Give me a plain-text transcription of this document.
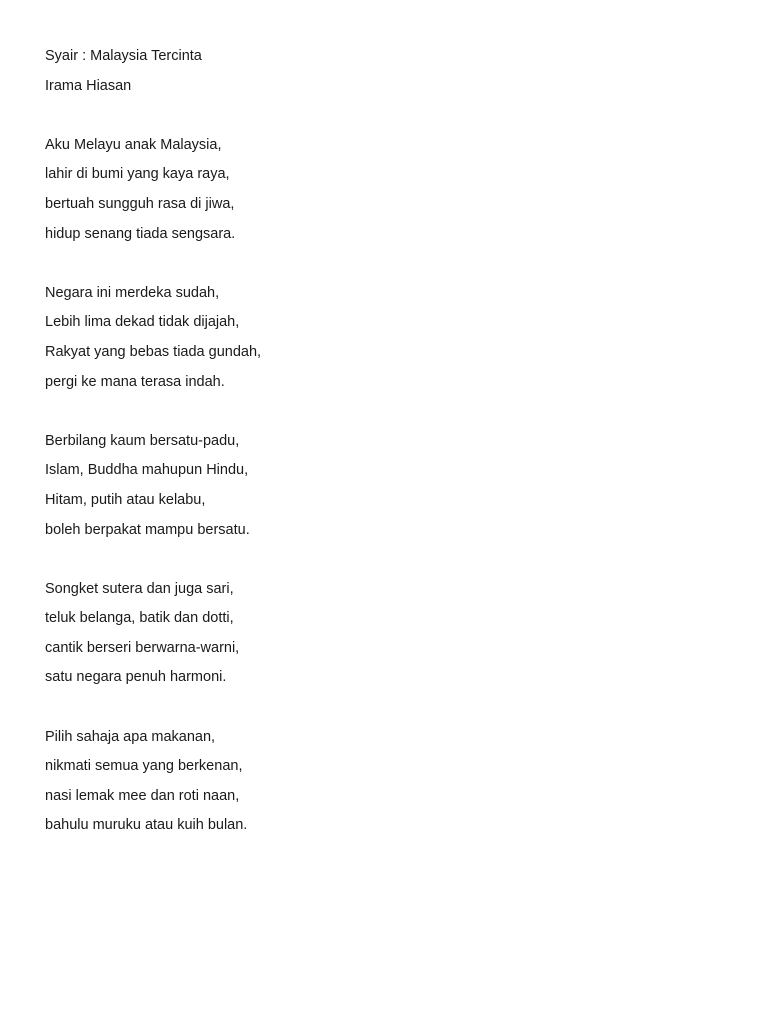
Syair : Malaysia Tercinta

Irama Hiasan

Aku Melayu anak Malaysia,

lahir di bumi yang kaya raya,

bertuah sungguh rasa di jiwa,

hidup senang tiada sengsara.

Negara ini merdeka sudah,

Lebih lima dekad tidak dijajah,

Rakyat yang bebas tiada gundah,

pergi ke mana terasa indah.

Berbilang kaum bersatu-padu,

Islam, Buddha mahupun Hindu,

Hitam, putih atau kelabu,

boleh berpakat mampu bersatu.

Songket sutera dan juga sari,

teluk belanga, batik dan dotti,

cantik berseri berwarna-warni,

satu negara penuh harmoni.

Pilih sahaja apa makanan,

nikmati semua yang berkenan,

nasi lemak mee dan roti naan,

bahulu muruku atau kuih bulan.
